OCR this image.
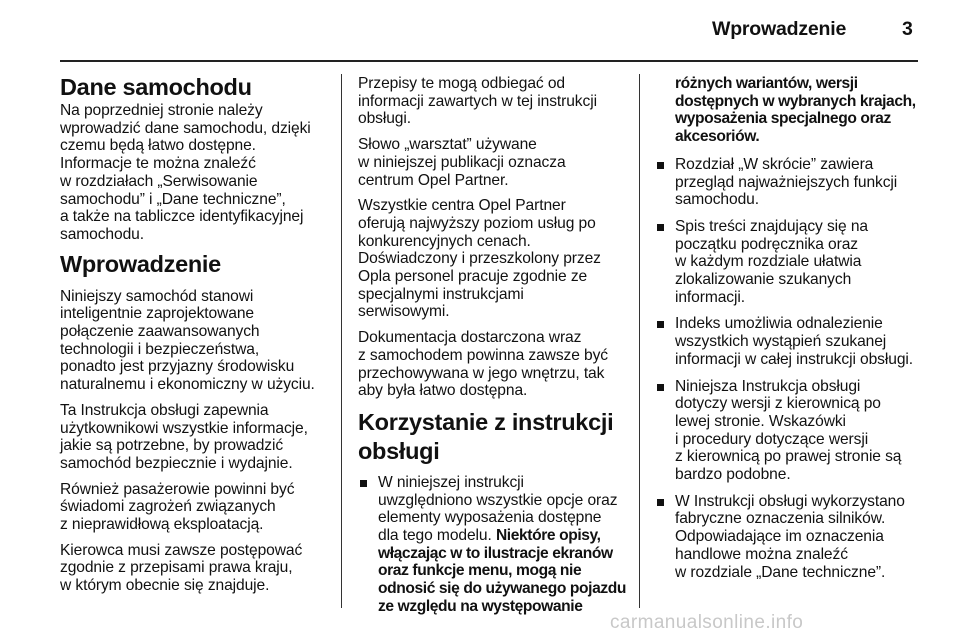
Wprowadzenie	3
Dane samochodu

Na poprzedniej stronie należy
wprowadzić dane samochodu, dzięki
czemu będą łatwo dostępne.
Informacje te można znaleźć
w rozdziałach „Serwisowanie
samochodu” i „Dane techniczne”,
a także na tabliczce identyfikacyjnej
samochodu.

Wprowadzenie

Niniejszy samochód stanowi
inteligentnie zaprojektowane
połączenie zaawansowanych
technologii i bezpieczeństwa,
ponadto jest przyjazny środowisku
naturalnemu i ekonomiczny w użyciu.

Ta Instrukcja obsługi zapewnia
użytkownikowi wszystkie informacje,
jakie są potrzebne, by prowadzić
samochód bezpiecznie i wydajnie.

Również pasażerowie powinni być
świadomi zagrożeń związanych
z nieprawidłową eksploatacją.

Kierowca musi zawsze postępować
zgodnie z przepisami prawa kraju,
w którym obecnie się znajduje.

Przepisy te mogą odbiegać od
informacji zawartych w tej instrukcji
obsługi.

Słowo „warsztat” używane
w niniejszej publikacji oznacza
centrum Opel Partner.

Wszystkie centra Opel Partner
oferują najwyższy poziom usług po
konkurencyjnych cenach.
Doświadczony i przeszkolony przez
Opla personel pracuje zgodnie ze
specjalnymi instrukcjami
serwisowymi.

Dokumentacja dostarczona wraz
z samochodem powinna zawsze być
przechowywana w jego wnętrzu, tak
aby była łatwo dostępna.

Korzystanie z instrukcji
obsługi
W niniejszej instrukcji
uwzględniono wszystkie opcje oraz
elementy wyposażenia dostępne
dla tego modelu. Niektóre opisy,
włączając w to ilustracje ekranów
oraz funkcje menu, mogą nie
odnosić się do używanego pojazdu
ze względu na występowanie
różnych wariantów, wersji
dostępnych w wybranych krajach,
wyposażenia specjalnego oraz
akcesoriów.
Rozdział „W skrócie” zawiera
przegląd najważniejszych funkcji
samochodu.
Spis treści znajdujący się na
początku podręcznika oraz
w każdym rozdziale ułatwia
zlokalizowanie szukanych
informacji.
Indeks umożliwia odnalezienie
wszystkich wystąpień szukanej
informacji w całej instrukcji obsługi.
Niniejsza Instrukcja obsługi
dotyczy wersji z kierownicą po
lewej stronie. Wskazówki
i procedury dotyczące wersji
z kierownicą po prawej stronie są
bardzo podobne.
W Instrukcji obsługi wykorzystano
fabryczne oznaczenia silników.
Odpowiadające im oznaczenia
handlowe można znaleźć
w rozdziale „Dane techniczne”.
carmanualsonline.info
